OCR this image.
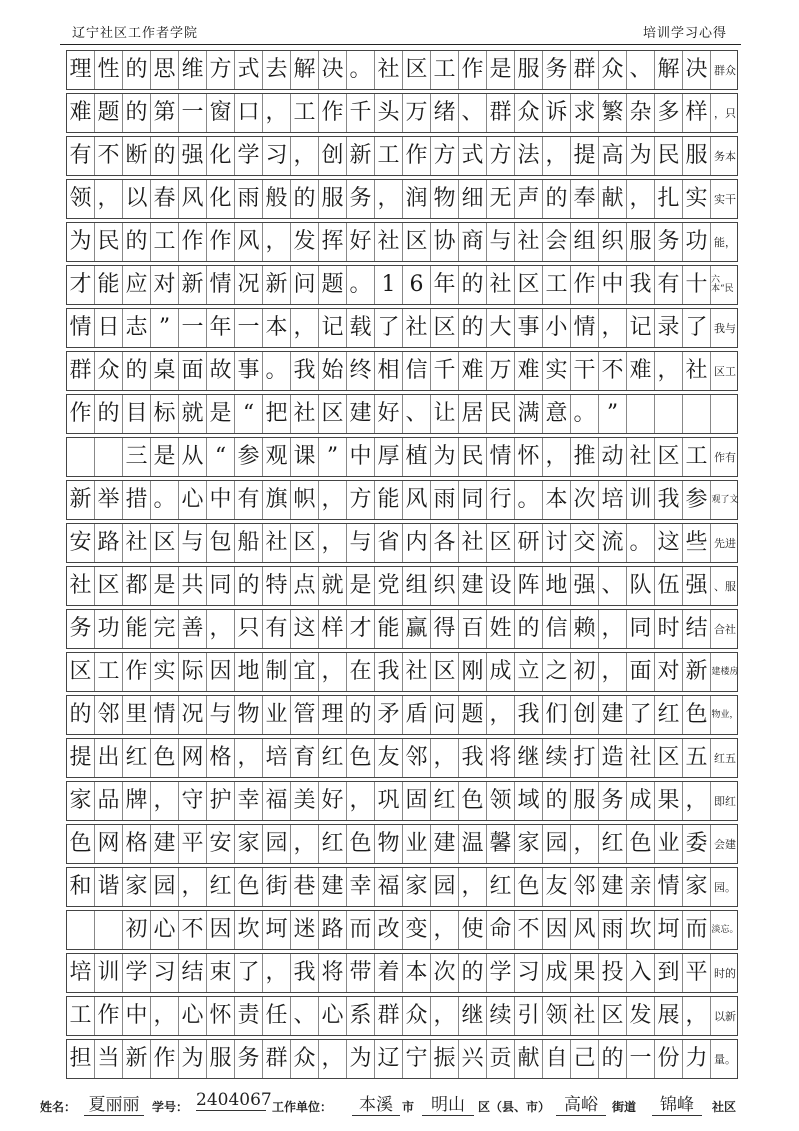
辽宁社区工作者学院	培训学习心得
理 性 的 思 维 方 式 去 解 决 。 社 区 工 作 是 服 务 群 众 、 解 决 群众
难 题 的 第 一 窗 口 ， 工 作 千 头 万 绪 、 群 众 诉 求 繁 杂 多 样 ，只
有 不 断 的 强 化 学 习 ， 创 新 工 作 方 式 方 法 ， 提 高 为 民 服 务本
领 ， 以 春 风 化 雨 般 的 服 务 ， 润 物 细 无 声 的 奉 献 ， 扎 实 实干
为 民 的 工 作 作 风 ， 发 挥 好 社 区 协 商 与 社 会 组 织 服 务 功 能，
才 能 应 对 新 情 况 新 问 题 。 1 6 年 的 社 区 工 作 中 我 有 十 六本“民
情 日 志 ” 一 年 一 本 ， 记 载 了 社 区 的 大 事 小 情 ， 记 录 了 我与
群 众 的 桌 面 故 事 。 我 始 终 相 信 千 难 万 难 实 干 不 难 ， 社 区工
作 的 目 标 就 是 “ 把 社 区 建 好 、 让 居 民 满 意 。 ”
三 是 从 “ 参 观 课 ” 中 厚 植 为 民 情 怀 ， 推 动 社 区 工 作有
新 举 措 。 心 中 有 旗 帜 ， 方 能 风 雨 同 行 。 本 次 培 训 我 参 观了文
安 路 社 区 与 包 船 社 区 ， 与 省 内 各 社 区 研 讨 交 流 。 这 些 先进
社 区 都 是 共 同 的 特 点 就 是 党 组 织 建 设 阵 地 强 、 队 伍 强 、服
务 功 能 完 善 ， 只 有 这 样 才 能 赢 得 百 姓 的 信 赖 ， 同 时 结 合社
区 工 作 实 际 因 地 制 宜 ， 在 我 社 区 刚 成 立 之 初 ， 面 对 新 建楼房
的 邻 里 情 况 与 物 业 管 理 的 矛 盾 问 题 ， 我 们 创 建 了 红 色 物业，
提 出 红 色 网 格 ， 培 育 红 色 友 邻 ， 我 将 继 续 打 造 社 区 五 红五
家 品 牌 ， 守 护 幸 福 美 好 ， 巩 固 红 色 领 域 的 服 务 成 果 ， 即红
色 网 格 建 平 安 家 园 ， 红 色 物 业 建 温 馨 家 园 ， 红 色 业 委 会建
和 谐 家 园 ， 红 色 街 巷 建 幸 福 家 园 ， 红 色 友 邻 建 亲 情 家 园。
初 心 不 因 坎 坷 迷 路 而 改 变 ， 使 命 不 因 风 雨 坎 坷 而 淡忘。
培 训 学 习 结 束 了 ， 我 将 带 着 本 次 的 学 习 成 果 投 入 到 平 时的
工 作 中 ， 心 怀 责 任 、 心 系 群 众 ， 继 续 引 领 社 区 发 展 ， 以新
担 当 新 作 为 服 务 群 众 ， 为 辽 宁 振 兴 贡 献 自 己 的 一 份 力 量。
姓名： 夏丽丽	学号： 2404067 工作单位：	本溪 市 明山	区（县、市） 高峪	街道	锦峰	社区
